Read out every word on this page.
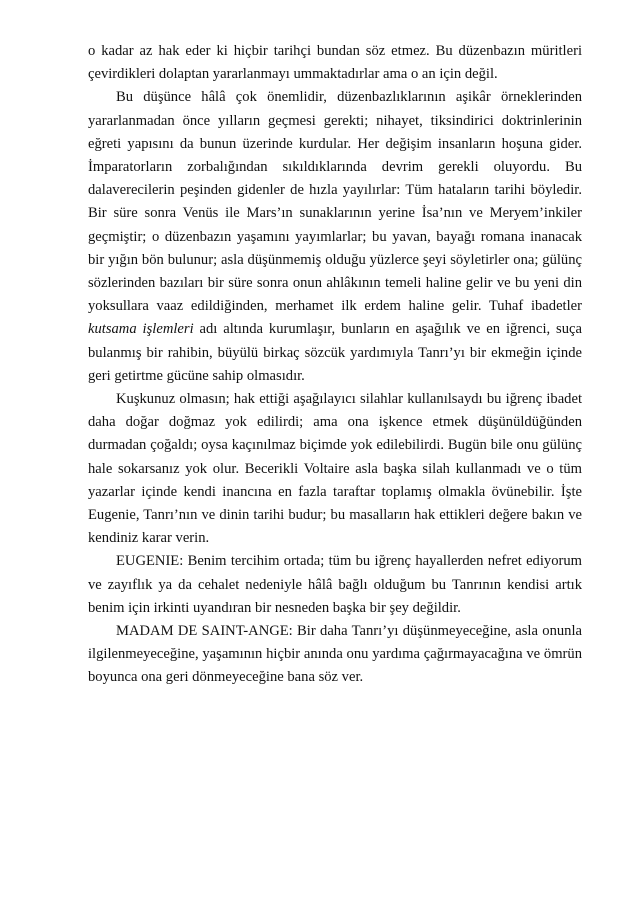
o kadar az hak eder ki hiçbir tarihçi bundan söz etmez. Bu düzenbazın müritleri çevirdikleri dolaptan yararlanmayı ummaktadırlar ama o an için değil.

Bu düşünce hâlâ çok önemlidir, düzenbazlıklarının aşikâr örneklerinden yararlanmadan önce yılların geçmesi gerekti; nihayet, tiksindirici doktrinlerinin eğreti yapısını da bunun üzerinde kurdular. Her değişim insanların hoşuna gider. İmparatorların zorbalığından sıkıldıklarında devrim gerekli oluyordu. Bu dalaverecilerin peşinden gidenler de hızla yayılırlar: Tüm hataların tarihi böyledir. Bir süre sonra Venüs ile Mars’ın sunaklarının yerine İsa’nın ve Meryem’inkiler geçmiştir; o düzenbazın yaşamını yayımlarlar; bu yavan, bayağı romana inanacak bir yığın bön bulunur; asla düşünmemiş olduğu yüzlerce şeyi söyletirler ona; gülünç sözlerinden bazıları bir süre sonra onun ahlâkının temeli haline gelir ve bu yeni din yoksullara vaaz edildiğinden, merhamet ilk erdem haline gelir. Tuhaf ibadetler kutsama işlemleri adı altında kurumlaşır, bunların en aşağılık ve en iğrenci, suça bulanmış bir rahibin, büyülü birkaç sözcük yardımıyla Tanrı’yı bir ekmeğin içinde geri getirtme gücüne sahip olmasıdır.

Kuşkunuz olmasın; hak ettiği aşağılayıcı silahlar kullanılsaydı bu iğrenç ibadet daha doğar doğmaz yok edilirdi; ama ona işkence etmek düşünüldüğünden durmadan çoğaldı; oysa kaçınılmaz biçimde yok edilebilirdi. Bugün bile onu gülünç hale sokarsanız yok olur. Becerikli Voltaire asla başka silah kullanmadı ve o tüm yazarlar içinde kendi inancına en fazla taraftar toplamış olmakla övünebilir. İşte Eugenie, Tanrı’nın ve dinin tarihi budur; bu masalların hak ettikleri değere bakın ve kendiniz karar verin.

EUGENIE: Benim tercihim ortada; tüm bu iğrenç hayallerden nefret ediyorum ve zayıflık ya da cehalet nedeniyle hâlâ bağlı olduğum bu Tanrının kendisi artık benim için irkinti uyandıran bir nesneden başka bir şey değildir.

MADAM DE SAINT-ANGE: Bir daha Tanrı’yı düşünmeyeceğine, asla onunla ilgilenmeyeceğine, yaşamının hiçbir anında onu yardıma çağırmayacağına ve ömrün boyunca ona geri dönmeyeceğine bana söz ver.
